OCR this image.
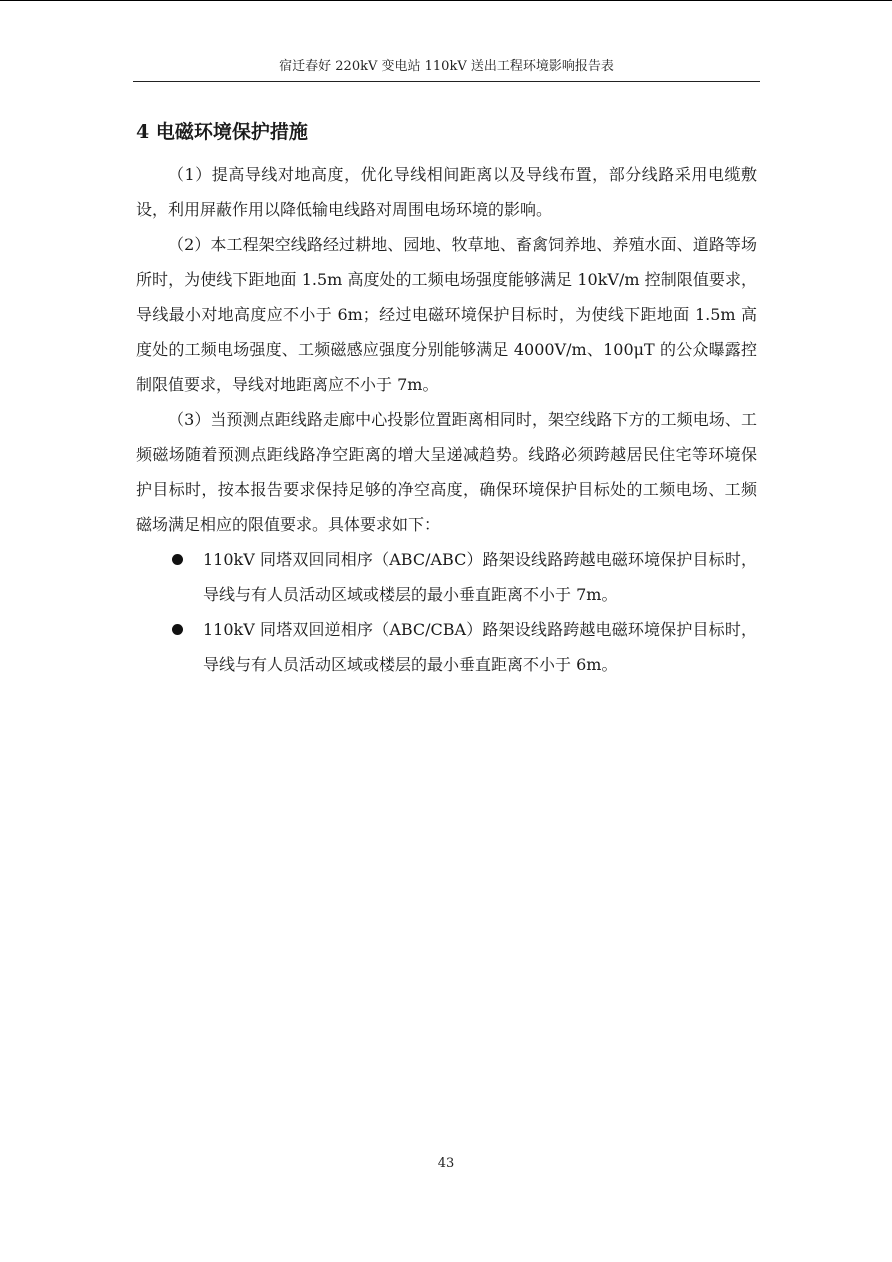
宿迁春好 220kV 变电站 110kV 送出工程环境影响报告表
4 电磁环境保护措施

（1）提高导线对地高度，优化导线相间距离以及导线布置，部分线路采用电缆敷设，利用屏蔽作用以降低输电线路对周围电场环境的影响。

（2）本工程架空线路经过耕地、园地、牧草地、畜禽饲养地、养殖水面、道路等场所时，为使线下距地面 1.5m 高度处的工频电场强度能够满足 10kV/m 控制限值要求，导线最小对地高度应不小于 6m；经过电磁环境保护目标时，为使线下距地面 1.5m 高度处的工频电场强度、工频磁感应强度分别能够满足 4000V/m、100μT 的公众曝露控制限值要求，导线对地距离应不小于 7m。

（3）当预测点距线路走廊中心投影位置距离相同时，架空线路下方的工频电场、工频磁场随着预测点距线路净空距离的增大呈递减趋势。线路必须跨越居民住宅等环境保护目标时，按本报告要求保持足够的净空高度，确保环境保护目标处的工频电场、工频磁场满足相应的限值要求。具体要求如下：

110kV 同塔双回同相序（ABC/ABC）路架设线路跨越电磁环境保护目标时，导线与有人员活动区域或楼层的最小垂直距离不小于 7m。
110kV 同塔双回逆相序（ABC/CBA）路架设线路跨越电磁环境保护目标时，导线与有人员活动区域或楼层的最小垂直距离不小于 6m。
43
